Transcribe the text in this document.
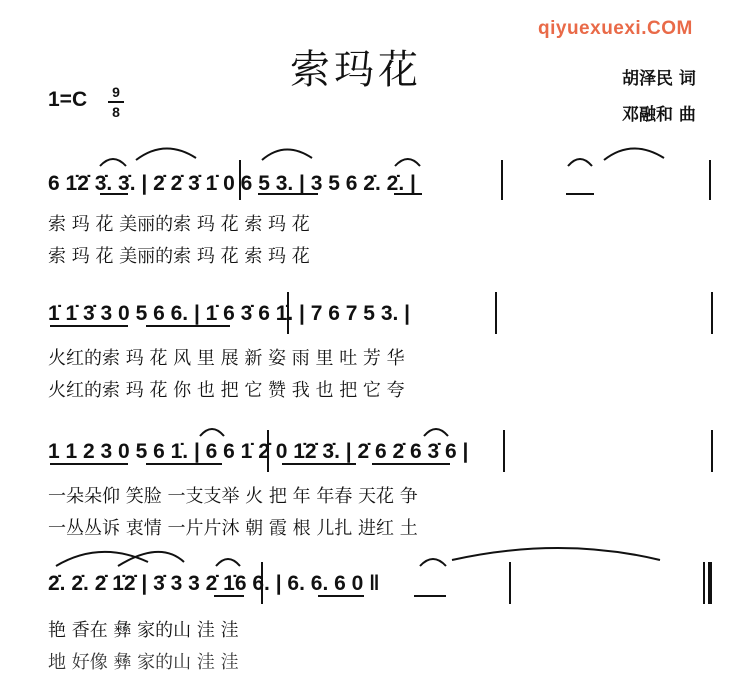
qiyuexuexi.COM
索玛花
1=C 9
8
胡泽民 词
邓融和 曲
6 1̇2̇ 3̇. 3̇. | 2̇ 2̇ 3̇ 1̇ 0 6 5 3. | 3 5 6 2̇. 2̇. |
索 玛 花 美丽的索 玛 花 索 玛 花
索 玛 花 美丽的索 玛 花 索 玛 花
1̇ 1̇ 3̇ 3 0 5 6 6. | 1̇ 6 3̇ 6 1̇. | 7 6 7 5 3. |
火红的索 玛 花 风 里 展 新 姿 雨 里 吐 芳 华
火红的索 玛 花 你 也 把 它 赞 我 也 把 它 夸
1 1 2 3 0 5 6 1̇. | 6 6 1̇ 2̇ 0 1̇2̇ 3̇. | 2̇ 6 2̇ 6 3̇ 6 |
一朵朵仰 笑脸 一支支举 火 把 年 年春 天花 争
一丛丛诉 衷情 一片片沐 朝 霞 根 儿扎 进红 土
2̇. 2̇. 2̇ 1̇2̇ | 3̇ 3 3 2̇ 1̇6 6. | 6. 6. 6 0 ‖
艳 香在 彝 家的山 洼 洼
地 好像 彝 家的山 洼 洼
